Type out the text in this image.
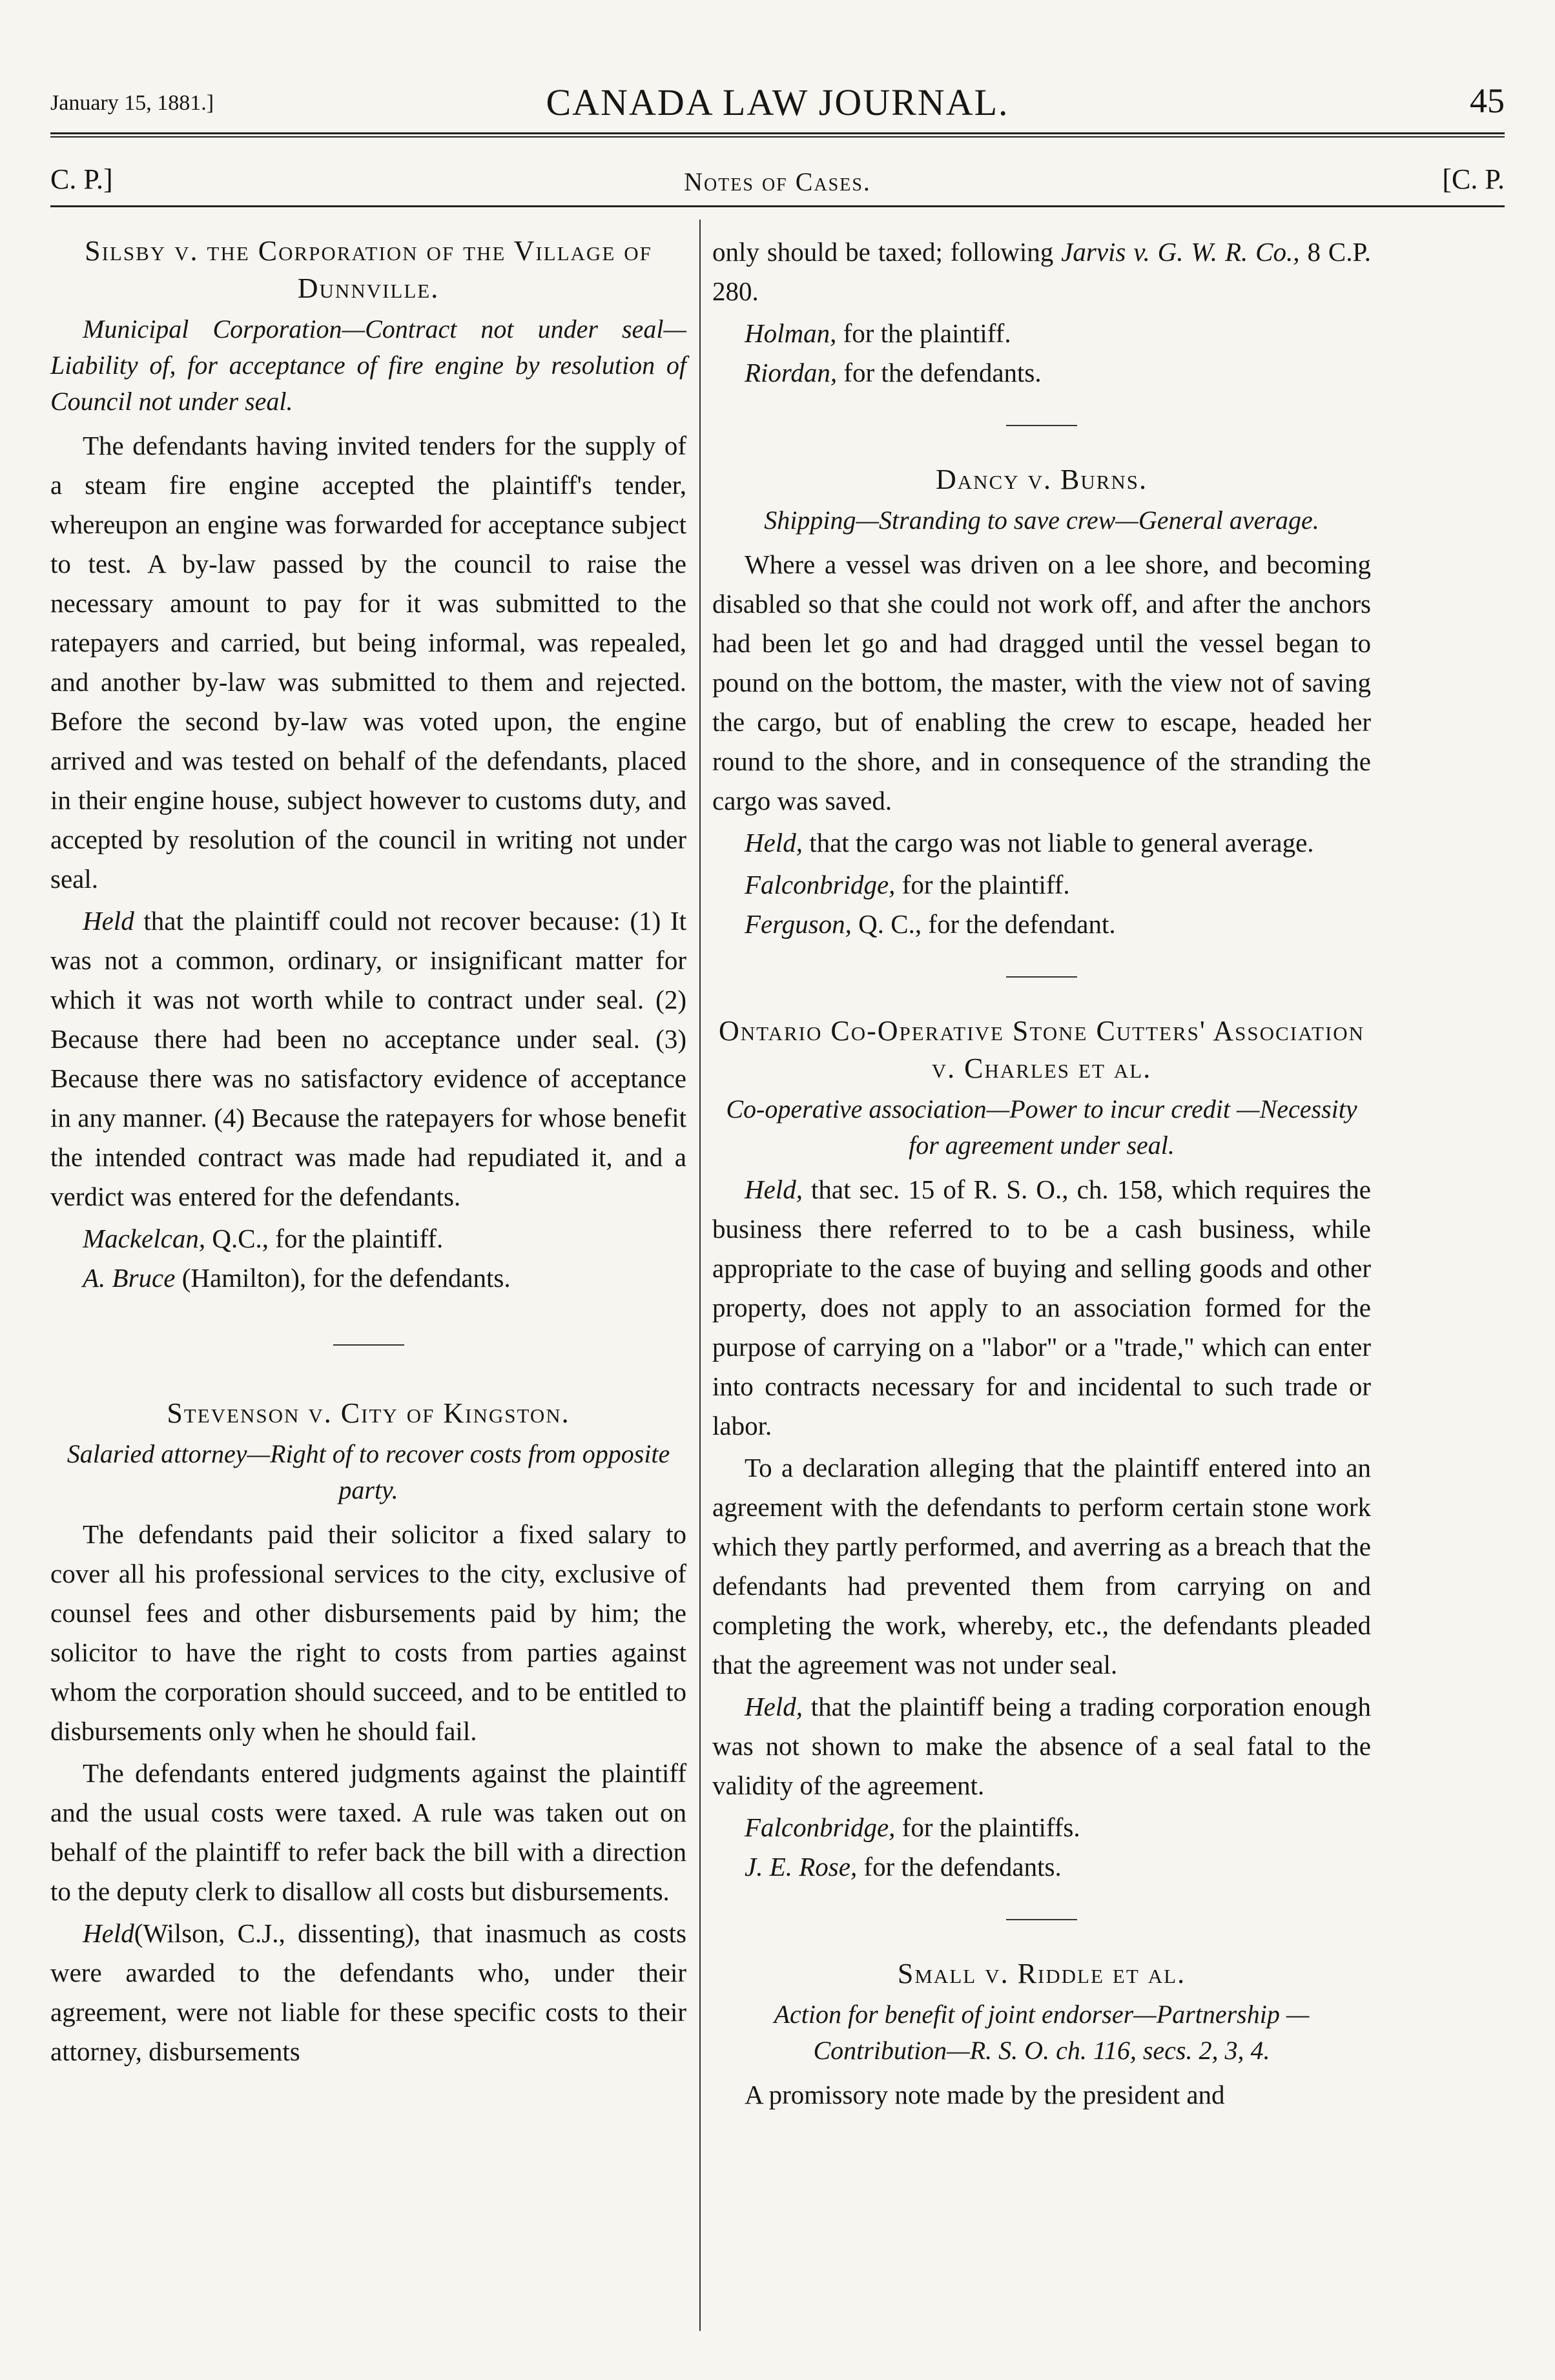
January 15, 1881.]	CANADA LAW JOURNAL.	45
C. P.]	Notes of Cases.	[C. P.
Silsby v. the Corporation of the Village of Dunnville.
Municipal Corporation—Contract not under seal—Liability of, for acceptance of fire engine by resolution of Council not under seal.

The defendants having invited tenders for the supply of a steam fire engine accepted the plaintiff's tender, whereupon an engine was forwarded for acceptance subject to test. A by-law passed by the council to raise the necessary amount to pay for it was submitted to the ratepayers and carried, but being informal, was repealed, and another by-law was submitted to them and rejected. Before the second by-law was voted upon, the engine arrived and was tested on behalf of the defendants, placed in their engine house, subject however to customs duty, and accepted by resolution of the council in writing not under seal.

Held that the plaintiff could not recover because: (1) It was not a common, ordinary, or insignificant matter for which it was not worth while to contract under seal. (2) Because there had been no acceptance under seal. (3) Because there was no satisfactory evidence of acceptance in any manner. (4) Because the ratepayers for whose benefit the intended contract was made had repudiated it, and a verdict was entered for the defendants.

Mackelcan, Q.C., for the plaintiff.
A. Bruce (Hamilton), for the defendants.
Stevenson v. City of Kingston.
Salaried attorney—Right of to recover costs from opposite party.

The defendants paid their solicitor a fixed salary to cover all his professional services to the city, exclusive of counsel fees and other disbursements paid by him; the solicitor to have the right to costs from parties against whom the corporation should succeed, and to be entitled to disbursements only when he should fail.

The defendants entered judgments against the plaintiff and the usual costs were taxed. A rule was taken out on behalf of the plaintiff to refer back the bill with a direction to the deputy clerk to disallow all costs but disbursements.

Held(Wilson, C.J., dissenting), that inasmuch as costs were awarded to the defendants who, under their agreement, were not liable for these specific costs to their attorney, disbursements

only should be taxed; following Jarvis v. G. W. R. Co., 8 C.P. 280.

Holman, for the plaintiff.
Riordan, for the defendants.
Dancy v. Burns.
Shipping—Stranding to save crew—General average.

Where a vessel was driven on a lee shore, and becoming disabled so that she could not work off, and after the anchors had been let go and had dragged until the vessel began to pound on the bottom, the master, with the view not of saving the cargo, but of enabling the crew to escape, headed her round to the shore, and in consequence of the stranding the cargo was saved.

Held, that the cargo was not liable to general average.

Falconbridge, for the plaintiff.
Ferguson, Q. C., for the defendant.
Ontario Co-Operative Stone Cutters' Association v. Charles et al.
Co-operative association—Power to incur credit —Necessity for agreement under seal.

Held, that sec. 15 of R. S. O., ch. 158, which requires the business there referred to to be a cash business, while appropriate to the case of buying and selling goods and other property, does not apply to an association formed for the purpose of carrying on a "labor" or a "trade," which can enter into contracts necessary for and incidental to such trade or labor.

To a declaration alleging that the plaintiff entered into an agreement with the defendants to perform certain stone work which they partly performed, and averring as a breach that the defendants had prevented them from carrying on and completing the work, whereby, etc., the defendants pleaded that the agreement was not under seal.

Held, that the plaintiff being a trading corporation enough was not shown to make the absence of a seal fatal to the validity of the agreement.

Falconbridge, for the plaintiffs.
J. E. Rose, for the defendants.
Small v. Riddle et al.
Action for benefit of joint endorser—Partnership —Contribution—R. S. O. ch. 116, secs. 2, 3, 4.

A promissory note made by the president and
